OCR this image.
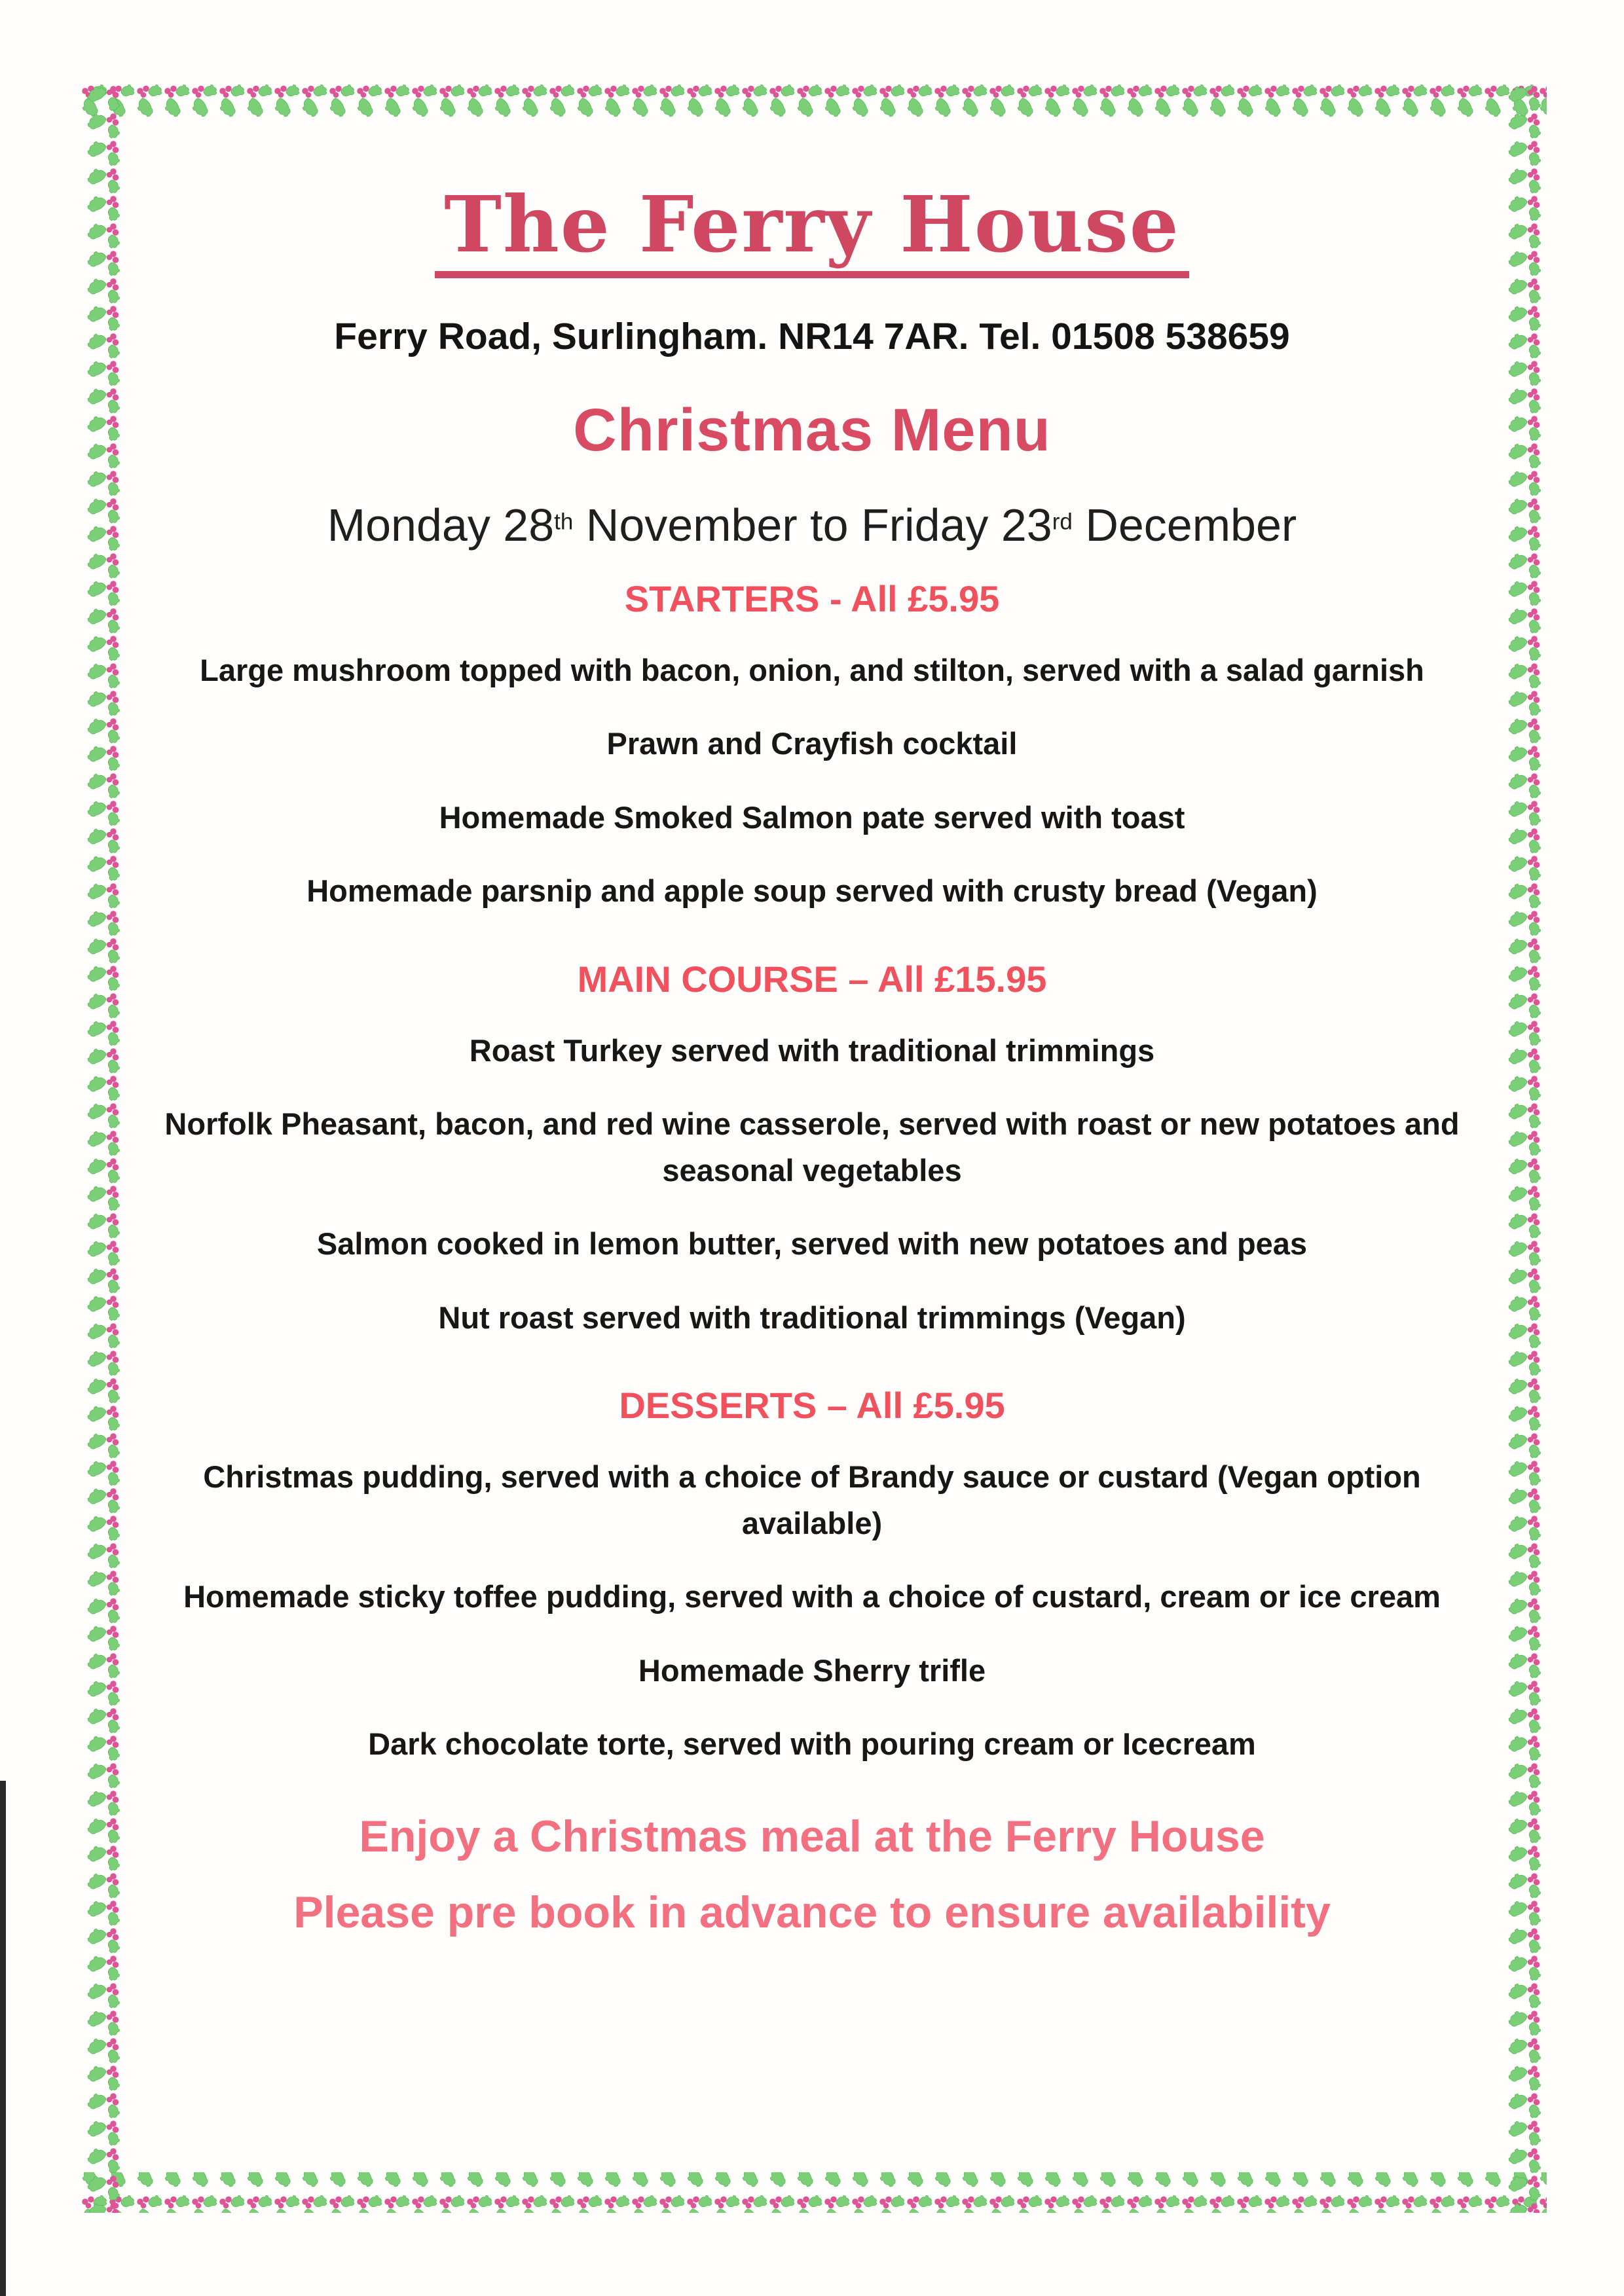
The Ferry House
Ferry Road, Surlingham. NR14 7AR. Tel. 01508 538659
Christmas Menu
Monday 28th November to Friday 23rd December
STARTERS - All £5.95

Large mushroom topped with bacon, onion, and stilton, served with a salad garnish

Prawn and Crayfish cocktail

Homemade Smoked Salmon pate served with toast

Homemade parsnip and apple soup served with crusty bread (Vegan)

MAIN COURSE – All £15.95

Roast Turkey served with traditional trimmings

Norfolk Pheasant, bacon, and red wine casserole, served with roast or new potatoes and seasonal vegetables

Salmon cooked in lemon butter, served with new potatoes and peas

Nut roast served with traditional trimmings (Vegan)

DESSERTS – All £5.95

Christmas pudding, served with a choice of Brandy sauce or custard (Vegan option available)

Homemade sticky toffee pudding, served with a choice of custard, cream or ice cream

Homemade Sherry trifle

Dark chocolate torte, served with pouring cream or Icecream

Enjoy a Christmas meal at the Ferry House

Please pre book in advance to ensure availability
